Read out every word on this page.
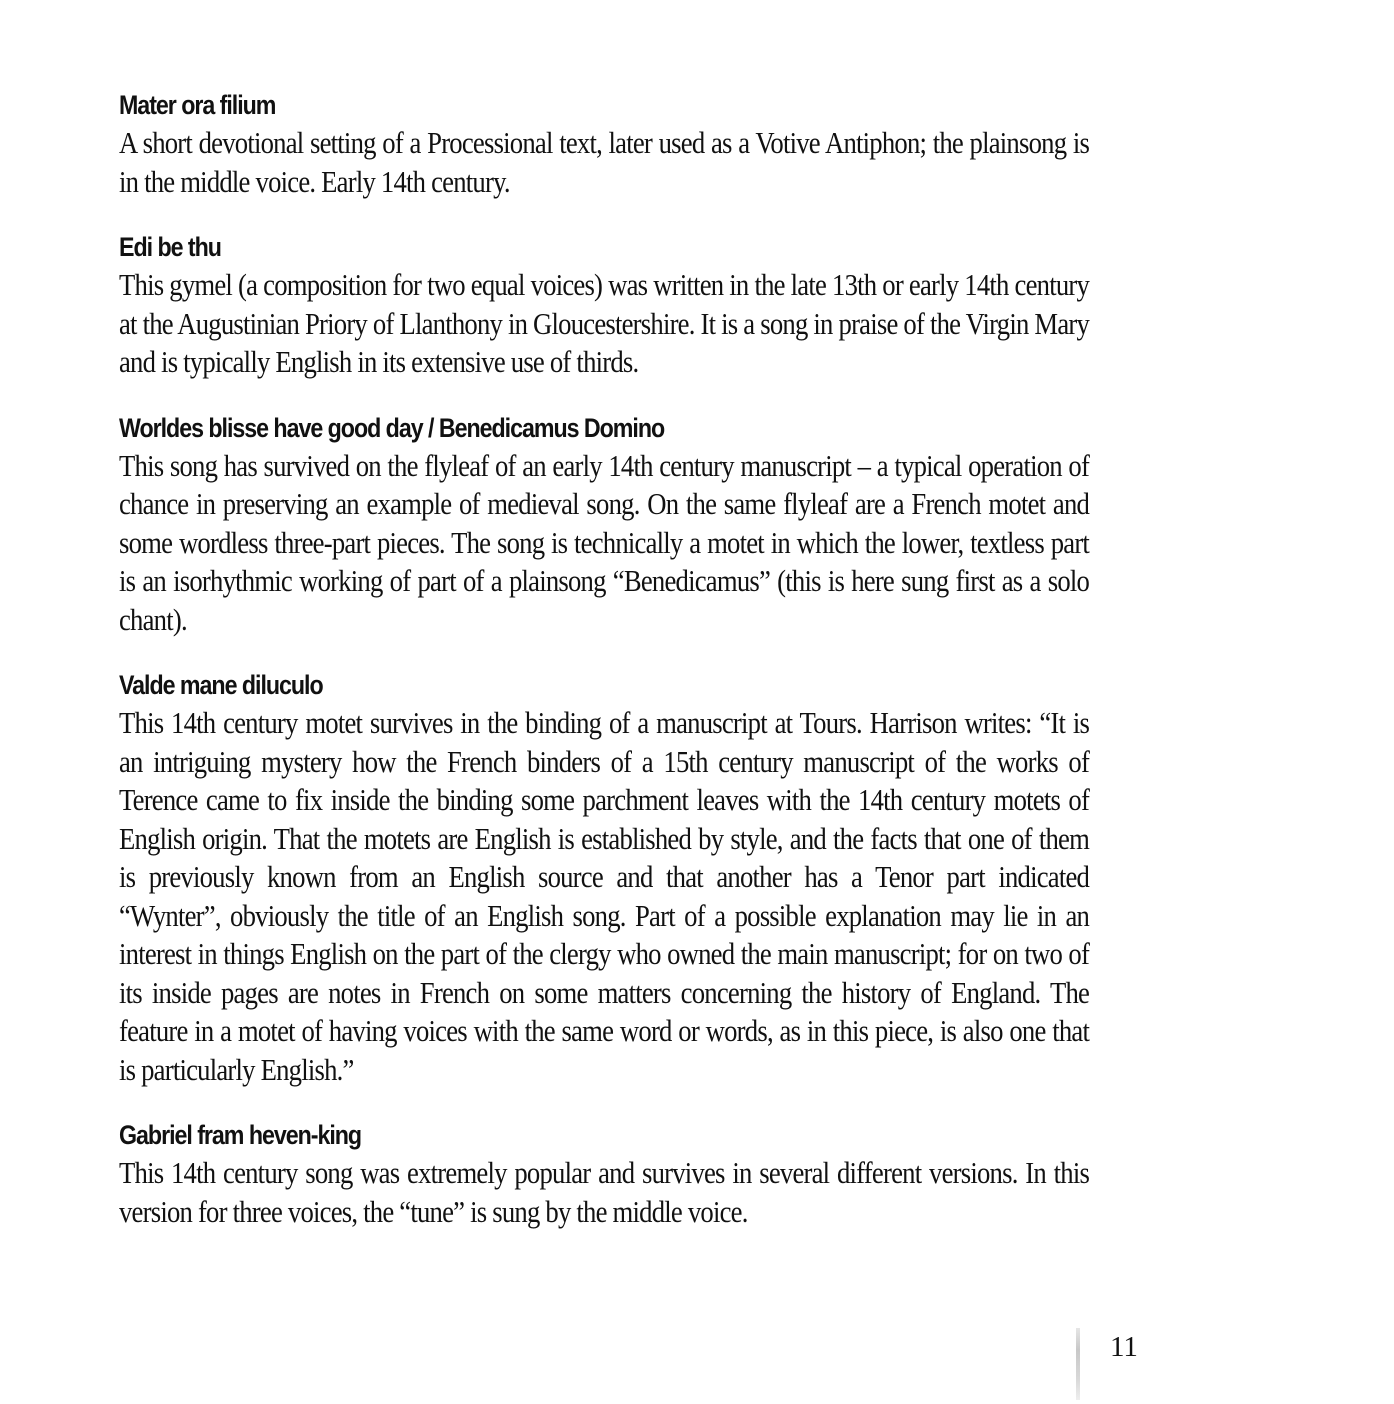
Mater ora filium

A short devotional setting of a Processional text, later used as a Votive Antiphon; the plainsong is in the middle voice. Early 14th century.

Edi be thu

This gymel (a composition for two equal voices) was written in the late 13th or early 14th century at the Augustinian Priory of Llanthony in Gloucestershire. It is a song in praise of the Virgin Mary and is typically English in its extensive use of thirds.

Worldes blisse have good day / Benedicamus Domino

This song has survived on the flyleaf of an early 14th century manuscript – a typical operation of chance in preserving an example of medieval song. On the same flyleaf are a French motet and some wordless three-part pieces. The song is technically a motet in which the lower, textless part is an isorhythmic working of part of a plainsong “Benedicamus” (this is here sung first as a solo chant).

Valde mane diluculo

This 14th century motet survives in the binding of a manuscript at Tours. Harrison writes: “It is an intriguing mystery how the French binders of a 15th century manuscript of the works of Terence came to fix inside the binding some parchment leaves with the 14th century motets of English origin. That the motets are English is established by style, and the facts that one of them is previously known from an English source and that another has a Tenor part indicated “Wynter”, obviously the title of an English song. Part of a possible explanation may lie in an interest in things English on the part of the clergy who owned the main manuscript; for on two of its inside pages are notes in French on some matters concerning the history of England. The feature in a motet of having voices with the same word or words, as in this piece, is also one that is particularly English.”

Gabriel fram heven-king

This 14th century song was extremely popular and survives in several different versions. In this version for three voices, the “tune” is sung by the middle voice.

11
